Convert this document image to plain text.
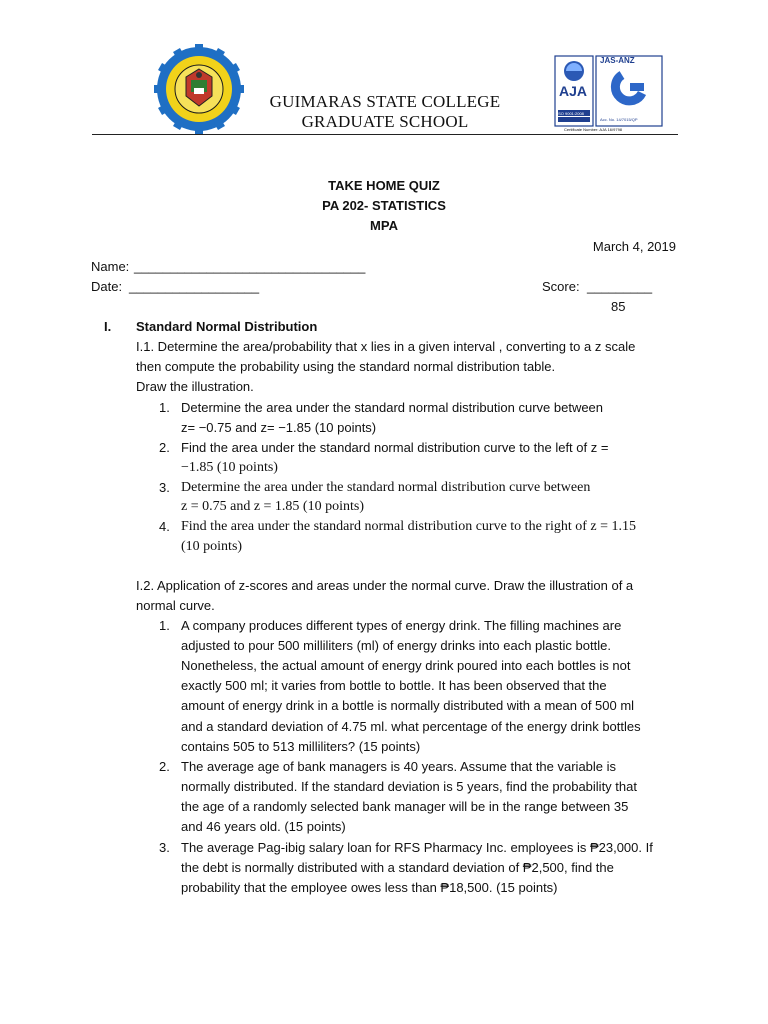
GUIMARAS STATE COLLEGE
GRADUATE SCHOOL
JAS-ANZ
AJA
ISO 9001:2008
Acc. No. 14/7015/QP
Certificate Number: AJA 16/9798
TAKE HOME QUIZ
PA 202- STATISTICS
MPA
March 4, 2019
Name: ________________________________
Date: __________________	Score: _________
85
I. Standard Normal Distribution
I.1. Determine the area/probability that x lies in a given interval , converting to a z scale
then compute the probability using the standard normal distribution table.
Draw the illustration.
1. Determine the area under the standard normal distribution curve between
z= −0.75 and z= −1.85 (10 points)
2. Find the area under the standard normal distribution curve to the left of z =
−1.85 (10 points)
3. Determine the area under the standard normal distribution curve between
z = 0.75 and z = 1.85 (10 points)
4. Find the area under the standard normal distribution curve to the right of z = 1.15
(10 points)
I.2. Application of z-scores and areas under the normal curve. Draw the illustration of a
normal curve.
1. A company produces different types of energy drink. The filling machines are
adjusted to pour 500 milliliters (ml) of energy drinks into each plastic bottle.
Nonetheless, the actual amount of energy drink poured into each bottles is not
exactly 500 ml; it varies from bottle to bottle. It has been observed that the
amount of energy drink in a bottle is normally distributed with a mean of 500 ml
and a standard deviation of 4.75 ml. what percentage of the energy drink bottles
contains 505 to 513 milliliters? (15 points)
2. The average age of bank managers is 40 years. Assume that the variable is
normally distributed. If the standard deviation is 5 years, find the probability that
the age of a randomly selected bank manager will be in the range between 35
and 46 years old. (15 points)
3. The average Pag-ibig salary loan for RFS Pharmacy Inc. employees is ₱23,000. If
the debt is normally distributed with a standard deviation of ₱2,500, find the
probability that the employee owes less than ₱18,500. (15 points)
